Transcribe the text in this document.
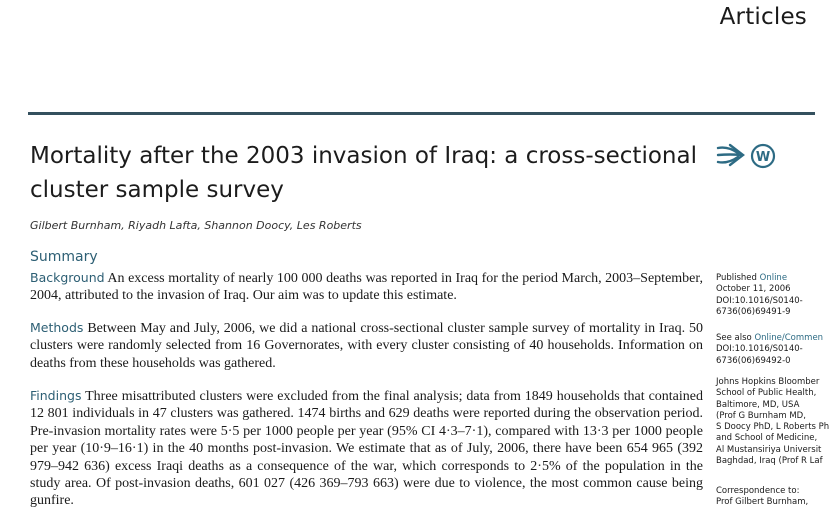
Articles
Mortality after the 2003 invasion of Iraq: a cross-sectional cluster sample survey
W
Gilbert Burnham, Riyadh Lafta, Shannon Doocy, Les Roberts
Summary

Background An excess mortality of nearly 100 000 deaths was reported in Iraq for the period March, 2003–September, 2004, attributed to the invasion of Iraq. Our aim was to update this estimate.

Methods Between May and July, 2006, we did a national cross-sectional cluster sample survey of mortality in Iraq. 50 clusters were randomly selected from 16 Governorates, with every cluster consisting of 40 households. Information on deaths from these households was gathered.

Findings Three misattributed clusters were excluded from the final analysis; data from 1849 households that contained 12 801 individuals in 47 clusters was gathered. 1474 births and 629 deaths were reported during the observation period. Pre-invasion mortality rates were 5·5 per 1000 people per year (95% CI 4·3–7·1), compared with 13·3 per 1000 people per year (10·9–16·1) in the 40 months post-invasion. We estimate that as of July, 2006, there have been 654 965 (392 979–942 636) excess Iraqi deaths as a consequence of the war, which corresponds to 2·5% of the population in the study area. Of post-invasion deaths, 601 027 (426 369–793 663) were due to violence, the most common cause being gunfire.

Published Online
October 11, 2006
DOI:10.1016/S0140-
6736(06)69491-9
See also Online/Commen
DOI:10.1016/S0140-
6736(06)69492-0
Johns Hopkins Bloomber
School of Public Health,
Baltimore, MD, USA
(Prof G Burnham MD,
S Doocy PhD, L Roberts Ph
and School of Medicine,
Al Mustansiriya Universit
Baghdad, Iraq (Prof R Laf
Correspondence to:
Prof Gilbert Burnham,
